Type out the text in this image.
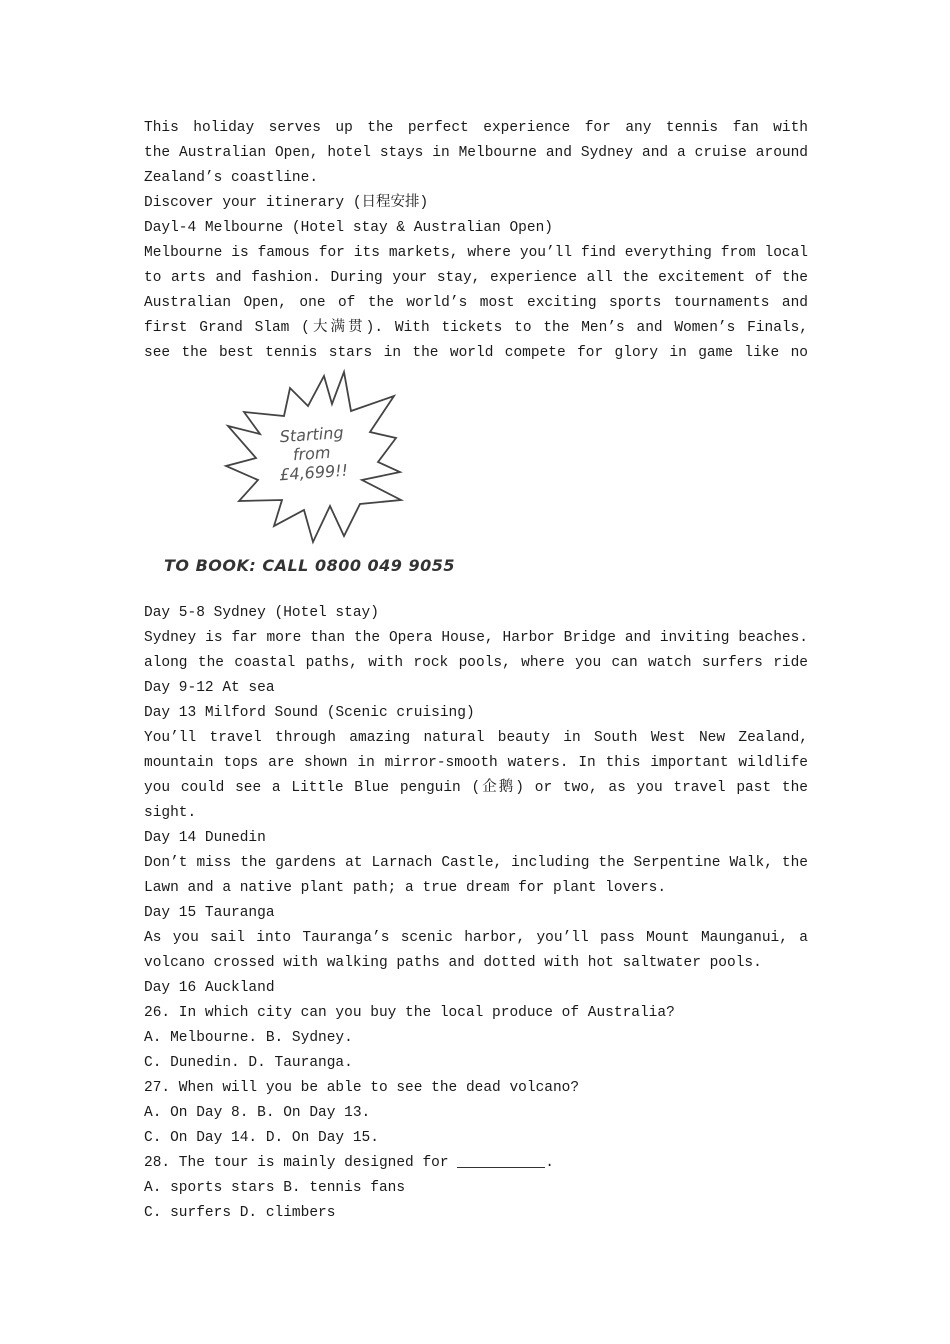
This holiday serves up the perfect experience for any tennis fan with
the Australian Open, hotel stays in Melbourne and Sydney and a cruise around
Zealand’s coastline.
Discover your itinerary (日程安排)
Dayl-4 Melbourne (Hotel stay & Australian Open)
Melbourne is famous for its markets, where you’ll find everything from local
to arts and fashion. During your stay, experience all the excitement of the
Australian Open, one of the world’s most exciting sports tournaments and
first Grand Slam (大满贯). With tickets to the Men’s and Women’s Finals,
see the best tennis stars in the world compete for glory in game like no
Starting
from
£4,699!!
TO BOOK: CALL 0800 049 9055
Day 5-8 Sydney (Hotel stay)
Sydney is far more than the Opera House, Harbor Bridge and inviting beaches.
along the coastal paths, with rock pools, where you can watch surfers ride
Day 9-12 At sea
Day 13 Milford Sound (Scenic cruising)
You’ll travel through amazing natural beauty in South West New Zealand,
mountain tops are shown in mirror-smooth waters. In this important wildlife
you could see a Little Blue penguin (企鹅) or two, as you travel past the
sight.
Day 14 Dunedin
Don’t miss the gardens at Larnach Castle, including the Serpentine Walk, the
Lawn and a native plant path; a true dream for plant lovers.
Day 15 Tauranga
As you sail into Tauranga’s scenic harbor, you’ll pass Mount Maunganui, a
volcano crossed with walking paths and dotted with hot saltwater pools.
Day 16 Auckland
26. In which city can you buy the local produce of Australia?
A. Melbourne. B. Sydney.
C. Dunedin. D. Tauranga.
27. When will you be able to see the dead volcano?
A. On Day 8. B. On Day 13.
C. On Day 14. D. On Day 15.
28. The tour is mainly designed for	.
A. sports stars B. tennis fans
C. surfers D. climbers
